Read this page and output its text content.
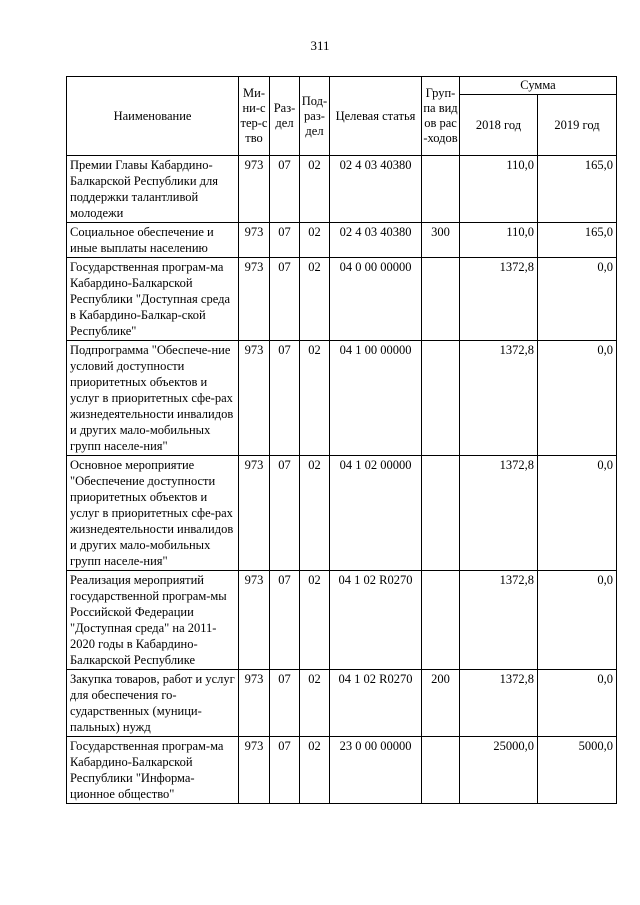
311
Наименование	Ми-ни-стер-ство	Раз-дел	Под-раз-дел	Целевая статья	Груп-па видов рас-ходов	Сумма	
						2018 год	2019 год
Премии Главы Кабардино-Балкарской Республики для поддержки талантливой молодежи	973	07	02	02 4 03 40380		110,0	165,0
Социальное обеспечение и иные выплаты населению	973	07	02	02 4 03 40380	300	110,0	165,0
Государственная програм-ма Кабардино-Балкарской Республики "Доступная среда в Кабардино-Балкар-ской Республике"	973	07	02	04 0 00 00000		1372,8	0,0
Подпрограмма "Обеспече-ние условий доступности приоритетных объектов и услуг в приоритетных сфе-рах жизнедеятельности инвалидов и других мало-мобильных групп населе-ния"	973	07	02	04 1 00 00000		1372,8	0,0
Основное мероприятие "Обеспечение доступности приоритетных объектов и услуг в приоритетных сфе-рах жизнедеятельности инвалидов и других мало-мобильных групп населе-ния"	973	07	02	04 1 02 00000		1372,8	0,0
Реализация мероприятий государственной програм-мы Российской Федерации "Доступная среда" на 2011-2020 годы в Кабардино-Балкарской Республике	973	07	02	04 1 02 R0270		1372,8	0,0
Закупка товаров, работ и услуг для обеспечения го-сударственных (муници-пальных) нужд	973	07	02	04 1 02 R0270	200	1372,8	0,0
Государственная програм-ма Кабардино-Балкарской Республики "Информа-ционное общество"	973	07	02	23 0 00 00000		25000,0	5000,0
